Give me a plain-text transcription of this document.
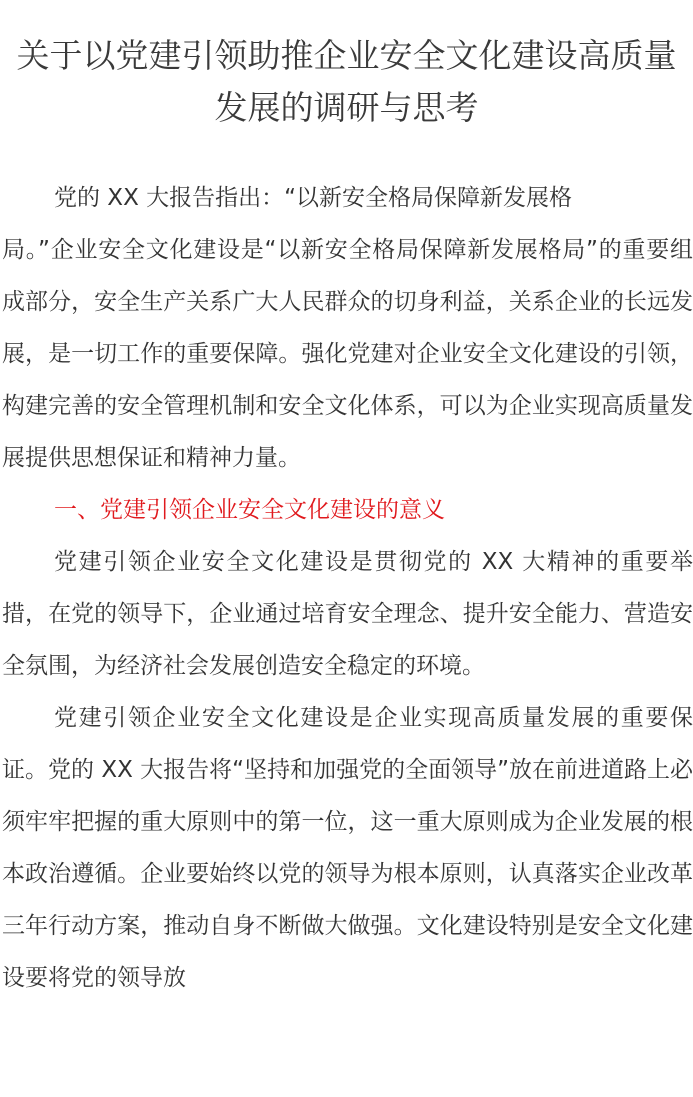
关于以党建引领助推企业安全文化建设高质量发展的调研与思考

党的 XX 大报告指出：“以新安全格局保障新发展格

局。”企业安全文化建设是“以新安全格局保障新发展格局”的重要组成部分，安全生产关系广大人民群众的切身利益，关系企业的长远发展，是一切工作的重要保障。强化党建对企业安全文化建设的引领，构建完善的安全管理机制和安全文化体系，可以为企业实现高质量发展提供思想保证和精神力量。

一、党建引领企业安全文化建设的意义

党建引领企业安全文化建设是贯彻党的 XX 大精神的重要举措，在党的领导下，企业通过培育安全理念、提升安全能力、营造安全氛围，为经济社会发展创造安全稳定的环境。

党建引领企业安全文化建设是企业实现高质量发展的重要保证。党的 XX 大报告将“坚持和加强党的全面领导”放在前进道路上必须牢牢把握的重大原则中的第一位，这一重大原则成为企业发展的根本政治遵循。企业要始终以党的领导为根本原则，认真落实企业改革三年行动方案，推动自身不断做大做强。文化建设特别是安全文化建设要将党的领导放
